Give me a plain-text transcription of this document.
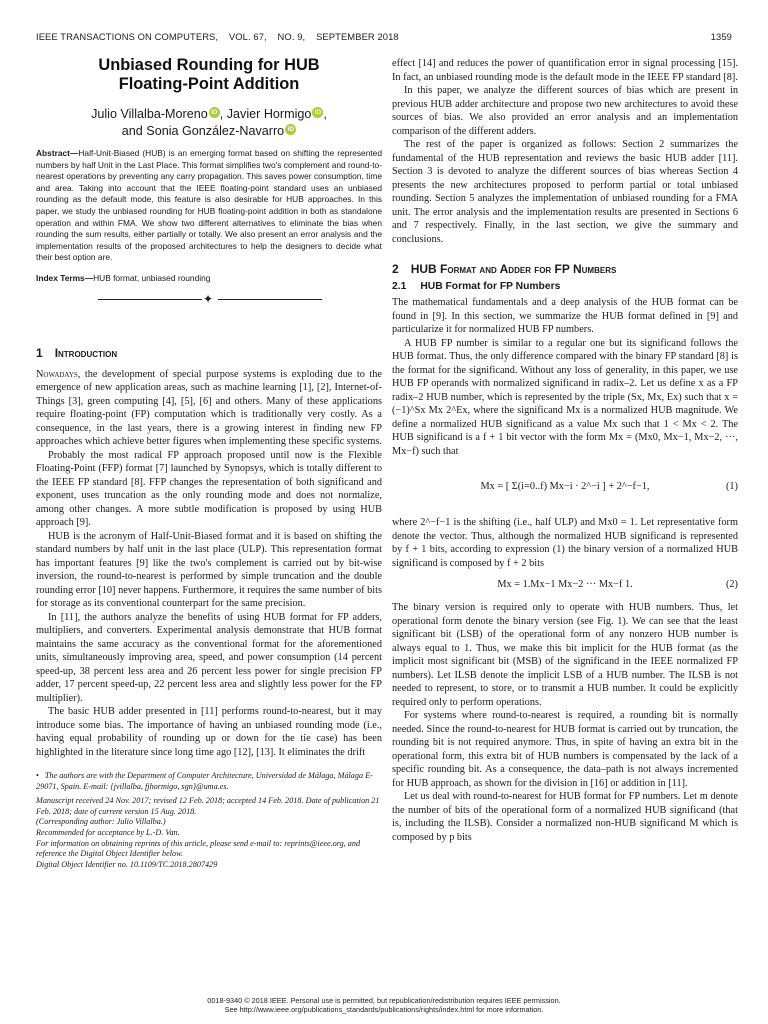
IEEE TRANSACTIONS ON COMPUTERS,    VOL. 67,    NO. 9,    SEPTEMBER 2018	1359
Unbiased Rounding for HUB
Floating-Point Addition
Julio Villalba-Moreno iD , Javier Hormigo iD ,
and Sonia González-Navarro iD

Abstract—Half-Unit-Biased (HUB) is an emerging format based on shifting the represented numbers by half Unit in the Last Place. This format simplifies two's complement and round-to-nearest operations by preventing any carry propagation. This saves power consumption, time and area. Taking into account that the IEEE floating-point standard uses an unbiased rounding as the default mode, this feature is also desirable for HUB approaches. In this paper, we study the unbiased rounding for HUB floating-point addition in both as standalone operation and within FMA. We show two different alternatives to eliminate the bias when rounding the sum results, either partially or totally. We also present an error analysis and the implementation results of the proposed architectures to help the designers to decide what their best option are.

Index Terms—HUB format, unbiased rounding
✦
1 Introduction

Nowadays, the development of special purpose systems is exploding due to the emergence of new application areas, such as machine learning [1], [2], Internet-of-Things [3], green computing [4], [5], [6] and others. Many of these applications require floating-point (FP) computation which is traditionally very costly. As a consequence, in the last years, there is a growing interest in finding new FP approaches which achieve better figures when implementing these specific systems.

Probably the most radical FP approach proposed until now is the Flexible Floating-Point (FFP) format [7] launched by Synopsys, which is totally different to the IEEE FP standard [8]. FFP changes the representation of both significand and exponent, uses truncation as the only rounding mode and does not normalize, among other changes. A more subtle modification is proposed by using HUB approach [9].

HUB is the acronym of Half-Unit-Biased format and it is based on shifting the standard numbers by half unit in the last place (ULP). This representation format has important features [9] like the two's complement is carried out by bit-wise inversion, the round-to-nearest is performed by simple truncation and the double rounding error [10] never happens. Furthermore, it requires the same number of bits for storage as its conventional counterpart for the same precision.

In [11], the authors analyze the benefits of using HUB format for FP adders, multipliers, and converters. Experimental analysis demonstrate that HUB format maintains the same accuracy as the conventional format for the aforementioned units, simultaneously improving area, speed, and power consumption (14 percent speed-up, 38 percent less area and 26 percent less power for single precision FP adder, 17 percent speed-up, 22 percent less area and slightly less power for the FP multiplier).

The basic HUB adder presented in [11] performs round-to-nearest, but it may introduce some bias. The importance of having an unbiased rounding mode (i.e., having equal probability of rounding up or down for the tie case) has been highlighted in the literature since long time ago [12], [13]. It eliminates the drift

• The authors are with the Department of Computer Architecture, Universidad de Málaga, Málaga E-29071, Spain. E-mail: {jvillalba, fjhormigo, sgn}@uma.es.

Manuscript received 24 Nov. 2017; revised 12 Feb. 2018; accepted 14 Feb. 2018. Date of publication 21 Feb. 2018; date of current version 15 Aug. 2018.

(Corresponding author: Julio Villalba.)

Recommended for acceptance by L.-D. Van.

For information on obtaining reprints of this article, please send e-mail to: reprints@ieee.org, and reference the Digital Object Identifier below.

Digital Object Identifier no. 10.1109/TC.2018.2807429

effect [14] and reduces the power of quantification error in signal processing [15]. In fact, an unbiased rounding mode is the default mode in the IEEE FP standard [8].

In this paper, we analyze the different sources of bias which are present in previous HUB adder architecture and propose two new architectures to avoid these sources of bias. We also provided an error analysis and an implementation comparison of the different adders.

The rest of the paper is organized as follows: Section 2 summarizes the fundamental of the HUB representation and reviews the basic HUB adder [11]. Section 3 is devoted to analyze the different sources of bias whereas Section 4 presents the new architectures proposed to perform partial or total unbiased rounding. Section 5 analyzes the implementation of unbiased rounding for a FMA unit. The error analysis and the implementation results are presented in Sections 6 and 7 respectively. Finally, in the last section, we give the summary and conclusions.

2 HUB Format and Adder for FP Numbers
2.1 HUB Format for FP Numbers

The mathematical fundamentals and a deep analysis of the HUB format can be found in [9]. In this section, we summarize the HUB format defined in [9] and particularize it for normalized HUB FP numbers.

A HUB FP number is similar to a regular one but its significand follows the HUB format. Thus, the only difference compared with the binary FP standard [8] is the format for the significand. Without any loss of generality, in this paper, we use HUB FP operands with normalized significand in radix–2. Let us define x as a FP radix–2 HUB number, which is represented by the triple (Sx, Mx, Ex) such that x = (−1)^Sx Mx 2^Ex, where the significand Mx is a normalized HUB magnitude. We define a normalized HUB significand as a value Mx such that 1 < Mx < 2. The HUB significand is a f + 1 bit vector with the form Mx = (Mx0, Mx−1, Mx−2, ···, Mx−f) such that

Mx = [ Σ(i=0..f) Mx−i · 2^−i ] + 2^−f−1,	(1)

where 2^−f−1 is the shifting (i.e., half ULP) and Mx0 = 1. Let representative form denote the vector. Thus, although the normalized HUB significand is represented by f + 1 bits, according to expression (1) the binary version of a normalized HUB significand is composed by f + 2 bits

Mx = 1.Mx−1 Mx−2 ··· Mx−f 1.	(2)

The binary version is required only to operate with HUB numbers. Thus, let operational form denote the binary version (see Fig. 1). We can see that the least significant bit (LSB) of the operational form of any nonzero HUB number is always equal to 1. Thus, we make this bit implicit for the HUB format (as the implicit most significant bit (MSB) of the significand in the IEEE normalized FP numbers). Let ILSB denote the implicit LSB of a HUB number. The ILSB is not needed to represent, to store, or to transmit a HUB number. It could be explicitly required only to perform operations.

For systems where round-to-nearest is required, a rounding bit is normally needed. Since the round-to-nearest for HUB format is carried out by truncation, the rounding bit is not required anymore. Thus, in spite of having an extra bit in the operational form, this extra bit of HUB numbers is compensated by the lack of a specific rounding bit. As a consequence, the data–path is not always incremented for HUB approach, as shown for the division in [16] or addition in [11].

Let us deal with round-to-nearest for HUB format for FP numbers. Let m denote the number of bits of the operational form of a normalized HUB significand (that is, including the ILSB). Consider a normalized non-HUB significand M which is composed by p bits

0018-9340 © 2018 IEEE. Personal use is permitted, but republication/redistribution requires IEEE permission.
See http://www.ieee.org/publications_standards/publications/rights/index.html for more information.
